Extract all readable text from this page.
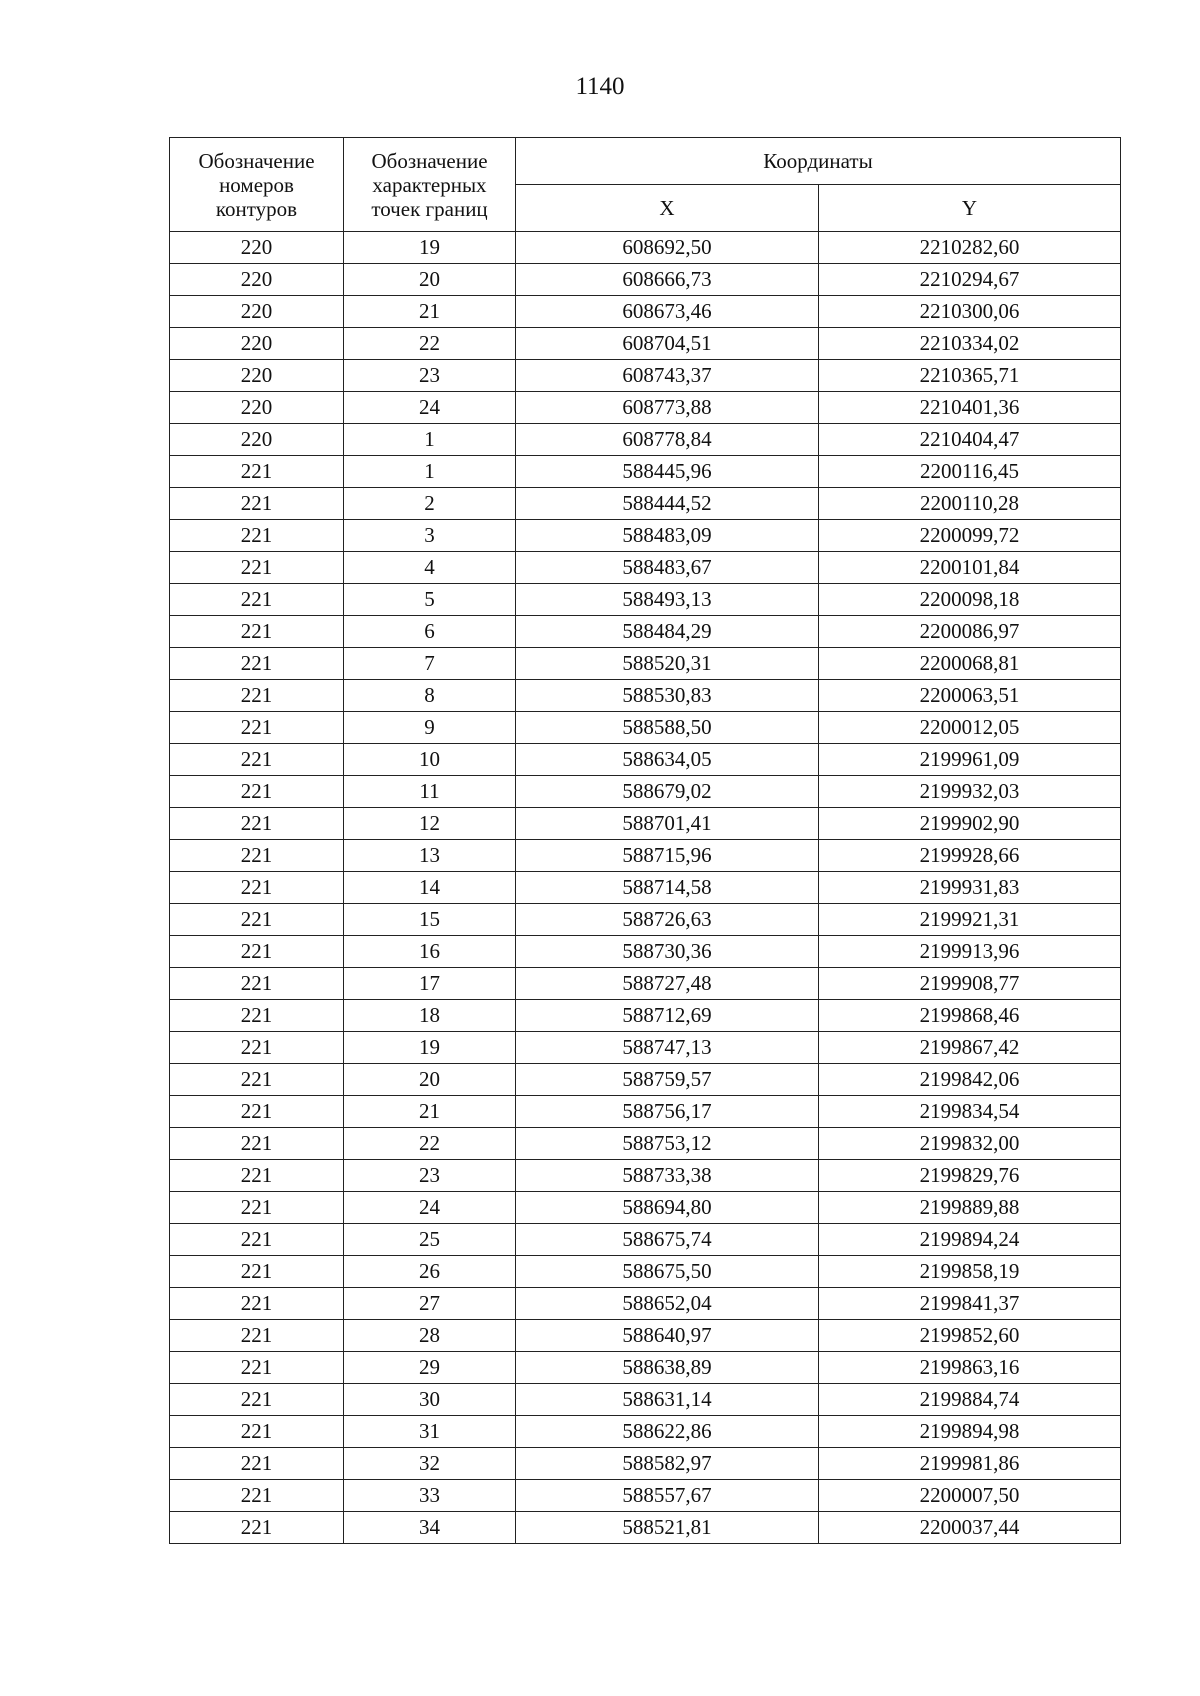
1140
Обозначение
номеров
контуров	Обозначение
характерных
точек границ	Координаты	
		X	Y
220	19	608692,50	2210282,60
220	20	608666,73	2210294,67
220	21	608673,46	2210300,06
220	22	608704,51	2210334,02
220	23	608743,37	2210365,71
220	24	608773,88	2210401,36
220	1	608778,84	2210404,47
221	1	588445,96	2200116,45
221	2	588444,52	2200110,28
221	3	588483,09	2200099,72
221	4	588483,67	2200101,84
221	5	588493,13	2200098,18
221	6	588484,29	2200086,97
221	7	588520,31	2200068,81
221	8	588530,83	2200063,51
221	9	588588,50	2200012,05
221	10	588634,05	2199961,09
221	11	588679,02	2199932,03
221	12	588701,41	2199902,90
221	13	588715,96	2199928,66
221	14	588714,58	2199931,83
221	15	588726,63	2199921,31
221	16	588730,36	2199913,96
221	17	588727,48	2199908,77
221	18	588712,69	2199868,46
221	19	588747,13	2199867,42
221	20	588759,57	2199842,06
221	21	588756,17	2199834,54
221	22	588753,12	2199832,00
221	23	588733,38	2199829,76
221	24	588694,80	2199889,88
221	25	588675,74	2199894,24
221	26	588675,50	2199858,19
221	27	588652,04	2199841,37
221	28	588640,97	2199852,60
221	29	588638,89	2199863,16
221	30	588631,14	2199884,74
221	31	588622,86	2199894,98
221	32	588582,97	2199981,86
221	33	588557,67	2200007,50
221	34	588521,81	2200037,44
